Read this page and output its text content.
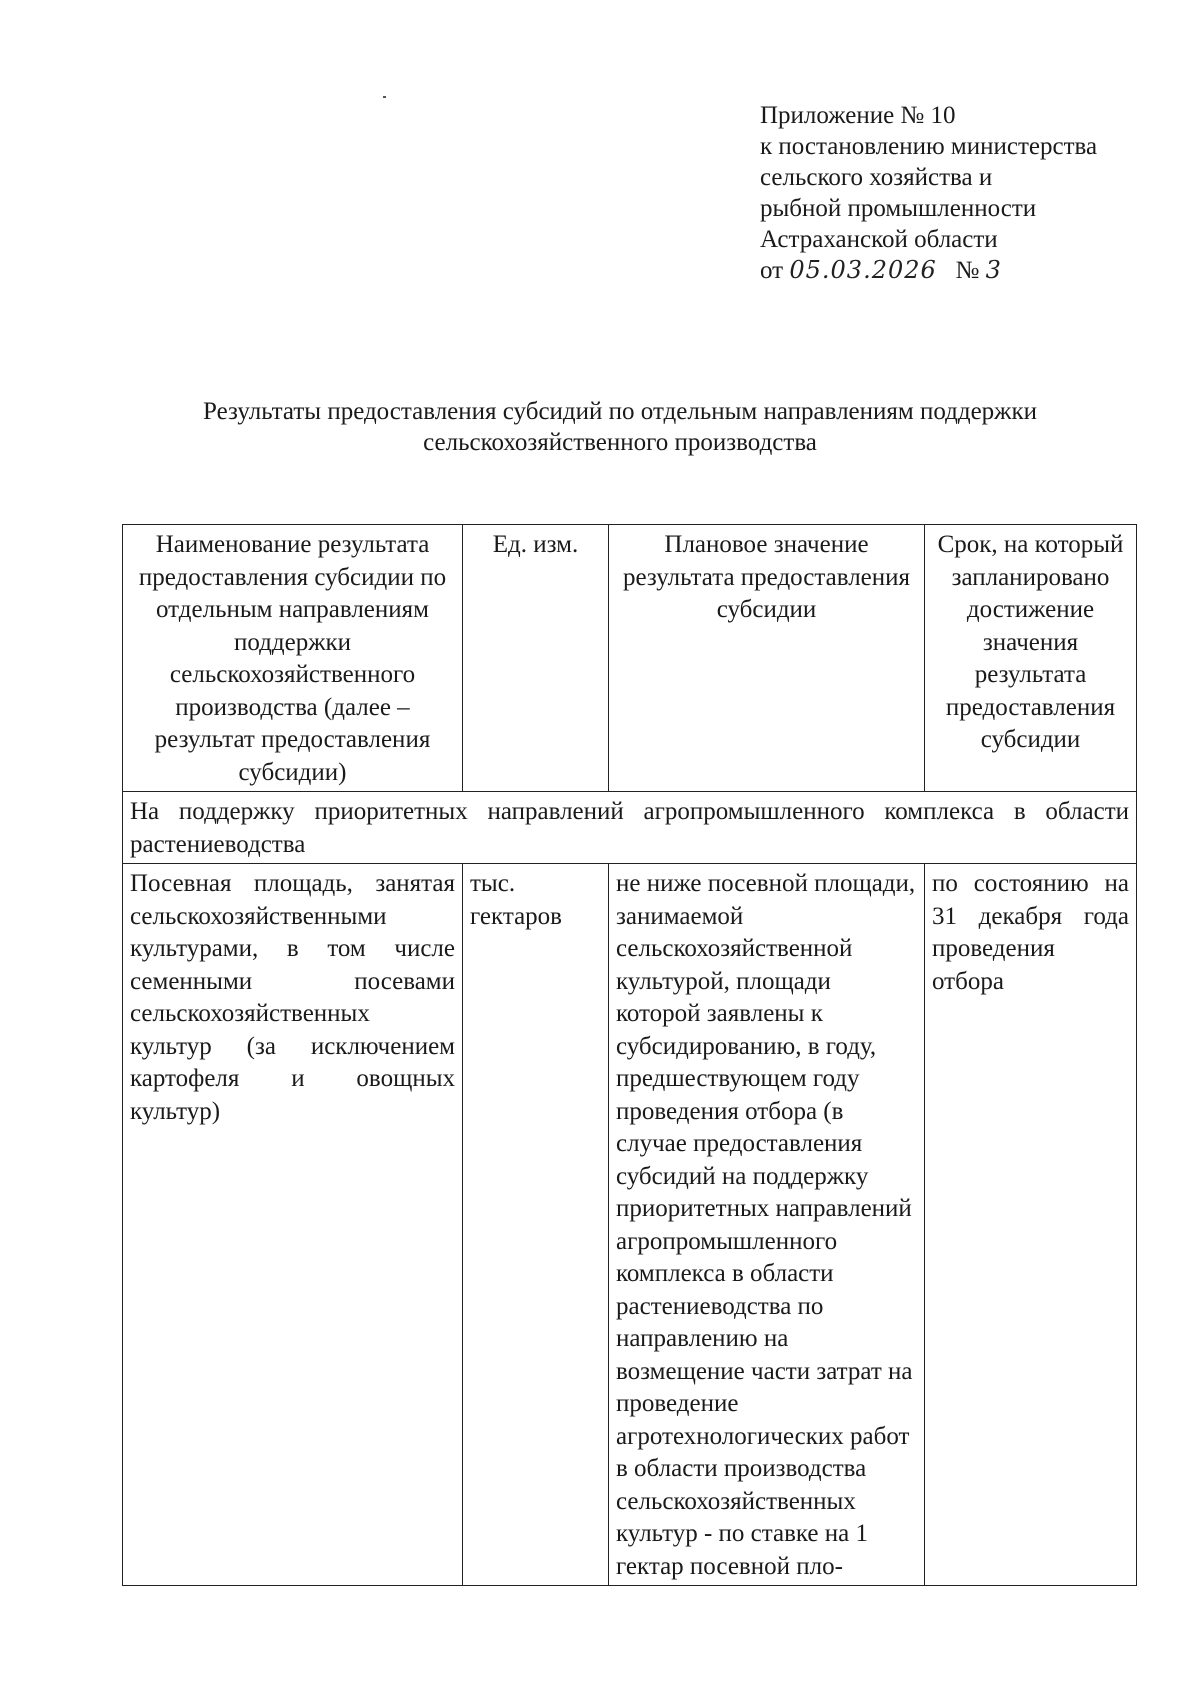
Приложение № 10
к постановлению министерства
сельского хозяйства и
рыбной промышленности
Астраханской области
от 05.03.2026 № 3
Результаты предоставления субсидий по отдельным направлениям поддержки
сельскохозяйственного производства
Наименование результата предоставления субсидии по отдельным направлениям поддержки сельскохозяйственного производства (далее – результат предоставления субсидии)	Ед. изм.	Плановое значение результата предоставления субсидии	Срок, на который запланировано достижение значения результата предоставления субсидии
На поддержку приоритетных направлений агропромышленного комплекса в области растениеводства			
Посевная площадь, занятая сельскохозяйственными культурами, в том числе семенными посевами сельскохозяйственных культур (за исключением картофеля и овощных культур)	тыс. гектаров	не ниже посевной площади, занимаемой сельскохозяйственной культурой, площади которой заявлены к субсидированию, в году, предшествующем году проведения отбора (в случае предоставления субсидий на поддержку приоритетных направлений агропромышленного комплекса в области растениеводства по направлению на возмещение части затрат на проведение агротехнологических работ в области производства сельскохозяйственных культур - по ставке на 1 гектар посевной пло-	по состоянию на 31 декабря года проведения отбора
